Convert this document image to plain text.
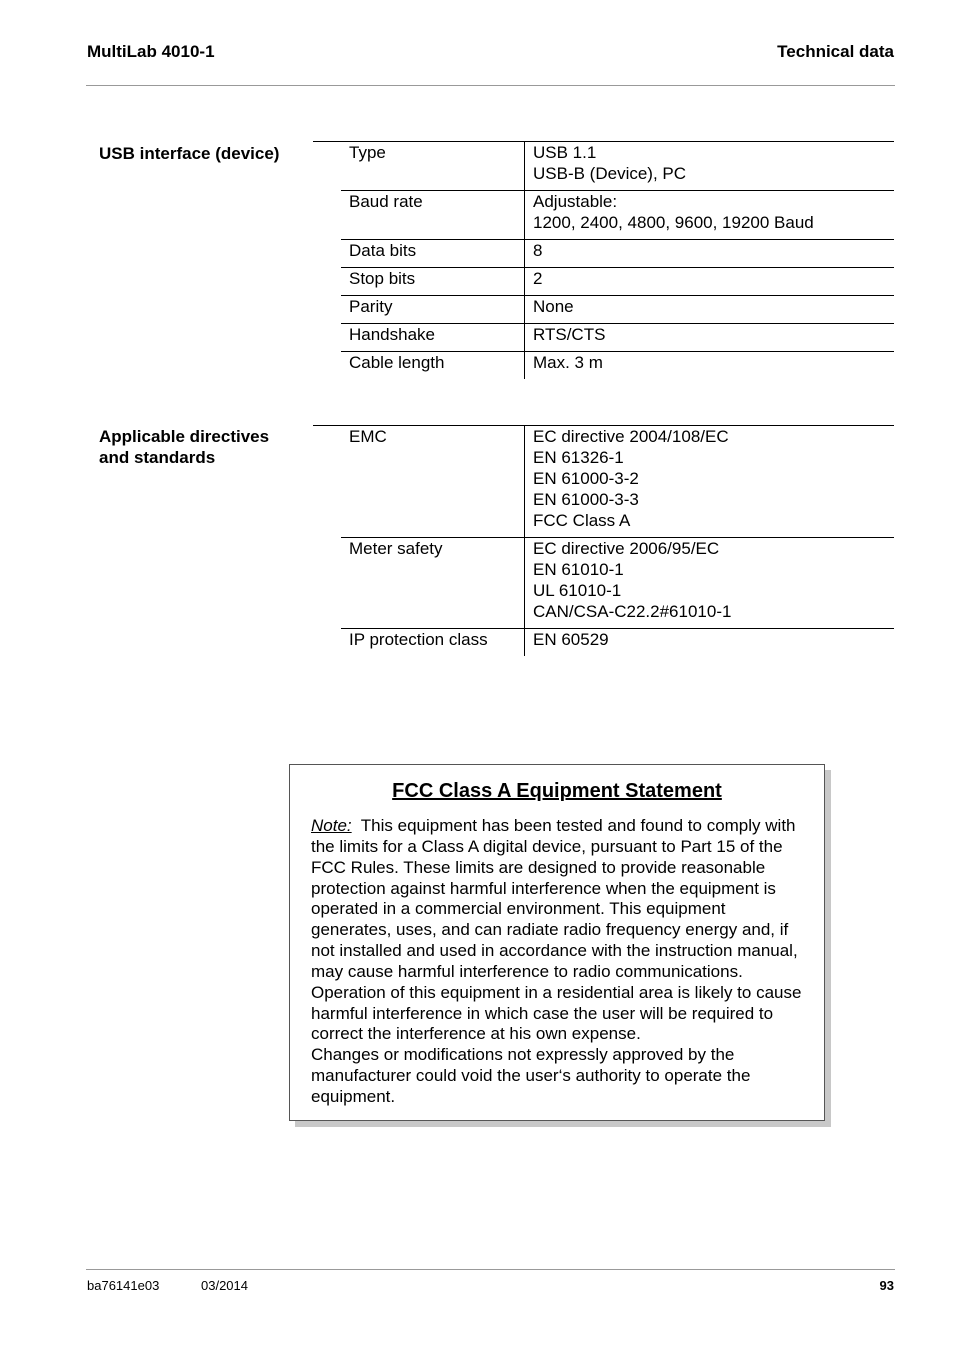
MultiLab 4010-1	Technical data
USB interface (device)	Type	USB 1.1
USB-B (Device), PC

Baud rate	Adjustable:
1200, 2400, 4800, 9600, 19200 Baud

Data bits	8

Stop bits	2

Parity	None

Handshake	RTS/CTS

Cable length	Max. 3 m
Applicable directives
and standards
EMC	EC directive 2004/108/EC
EN 61326-1
EN 61000-3-2
EN 61000-3-3
FCC Class A

Meter safety	EC directive 2006/95/EC
EN 61010-1
UL 61010-1
CAN/CSA-C22.2#61010-1

IP protection class	EN 60529
FCC Class A Equipment Statement
Note: This equipment has been tested and found to comply with
the limits for a Class A digital device, pursuant to Part 15 of the
FCC Rules. These limits are designed to provide reasonable
protection against harmful interference when the equipment is
operated in a commercial environment. This equipment
generates, uses, and can radiate radio frequency energy and, if
not installed and used in accordance with the instruction manual,
may cause harmful interference to radio communications.
Operation of this equipment in a residential area is likely to cause
harmful interference in which case the user will be required to
correct the interference at his own expense.
Changes or modifications not expressly approved by the
manufacturer could void the user‘s authority to operate the
equipment.
ba76141e03	03/2014	93
